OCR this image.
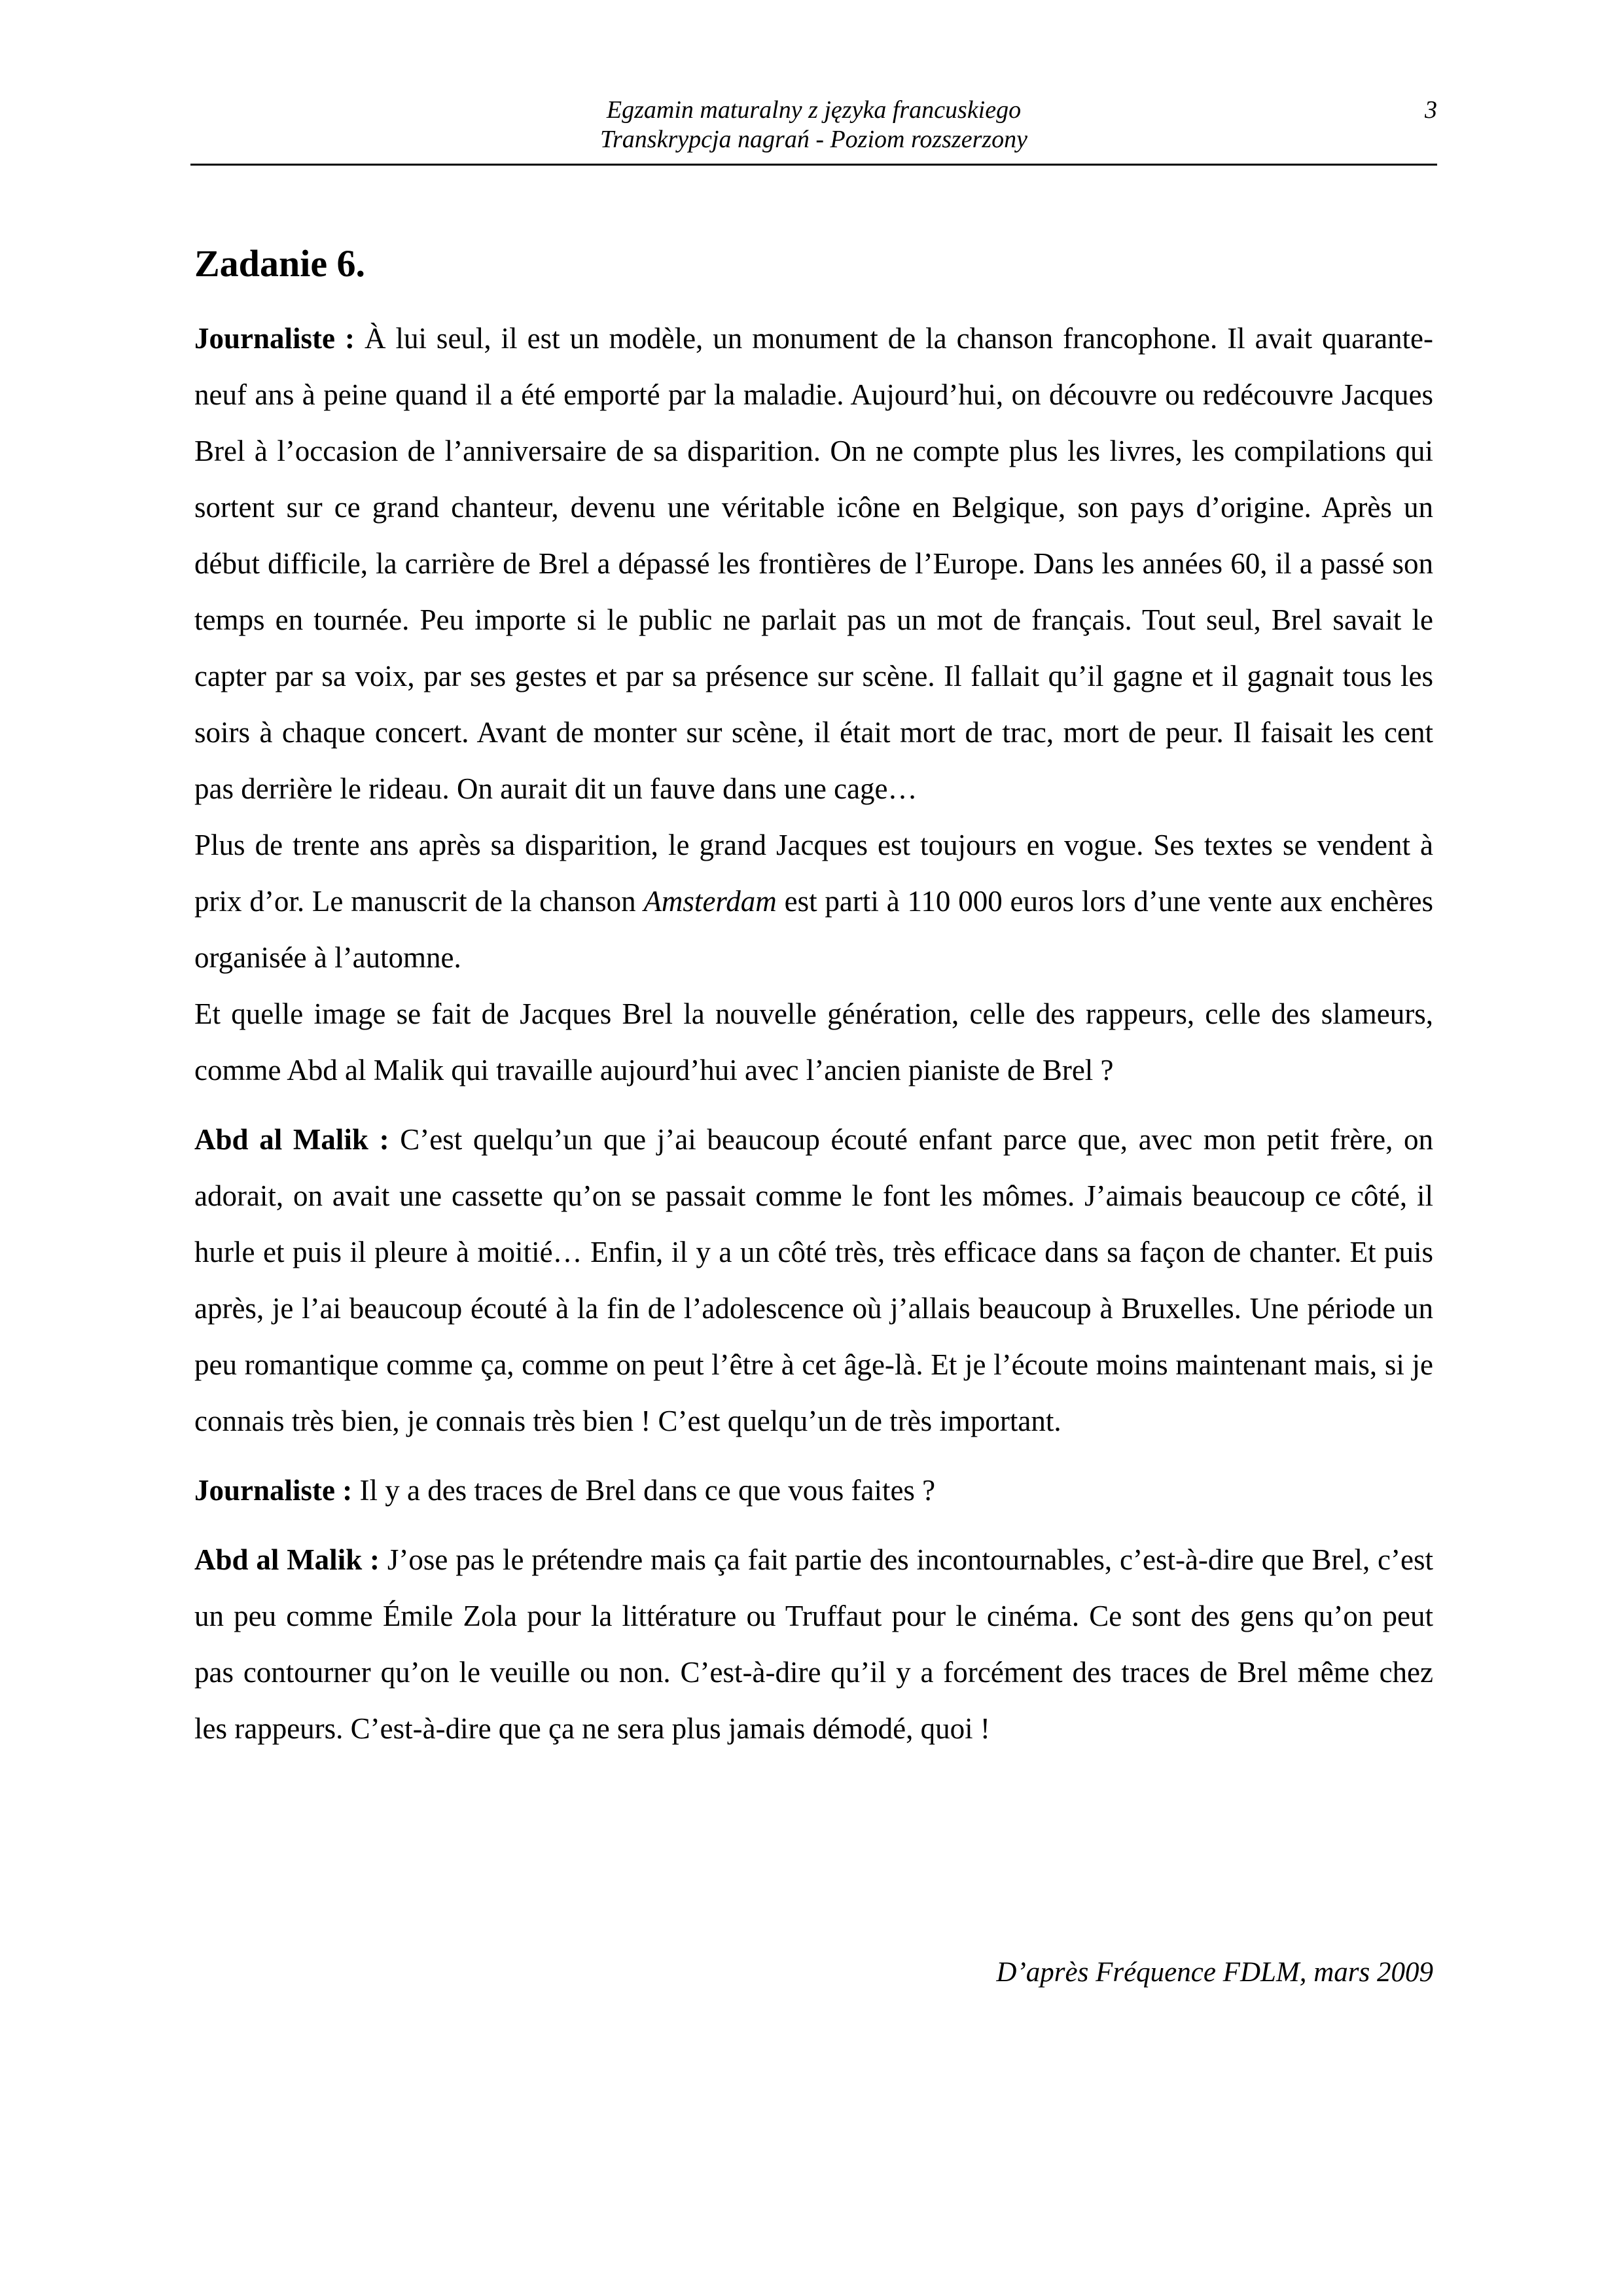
Egzamin maturalny z języka francuskiego
Transkrypcja nagrań - Poziom rozszerzony
3
Zadanie 6.

Journaliste : À lui seul, il est un modèle, un monument de la chanson francophone. Il avait quarante-neuf ans à peine quand il a été emporté par la maladie. Aujourd’hui, on découvre ou redécouvre Jacques Brel à l’occasion de l’anniversaire de sa disparition. On ne compte plus les livres, les compilations qui sortent sur ce grand chanteur, devenu une véritable icône en Belgique, son pays d’origine. Après un début difficile, la carrière de Brel a dépassé les frontières de l’Europe. Dans les années 60, il a passé son temps en tournée. Peu importe si le public ne parlait pas un mot de français. Tout seul, Brel savait le capter par sa voix, par ses gestes et par sa présence sur scène. Il fallait qu’il gagne et il gagnait tous les soirs à chaque concert. Avant de monter sur scène, il était mort de trac, mort de peur. Il faisait les cent pas derrière le rideau. On aurait dit un fauve dans une cage…

Plus de trente ans après sa disparition, le grand Jacques est toujours en vogue. Ses textes se vendent à prix d’or. Le manuscrit de la chanson Amsterdam est parti à 110 000 euros lors d’une vente aux enchères organisée à l’automne.

Et quelle image se fait de Jacques Brel la nouvelle génération, celle des rappeurs, celle des slameurs, comme Abd al Malik qui travaille aujourd’hui avec l’ancien pianiste de Brel ?

Abd al Malik : C’est quelqu’un que j’ai beaucoup écouté enfant parce que, avec mon petit frère, on adorait, on avait une cassette qu’on se passait comme le font les mômes. J’aimais beaucoup ce côté, il hurle et puis il pleure à moitié… Enfin, il y a un côté très, très efficace dans sa façon de chanter. Et puis après, je l’ai beaucoup écouté à la fin de l’adolescence où j’allais beaucoup à Bruxelles. Une période un peu romantique comme ça, comme on peut l’être à cet âge-là. Et je l’écoute moins maintenant mais, si je connais très bien, je connais très bien ! C’est quelqu’un de très important.

Journaliste : Il y a des traces de Brel dans ce que vous faites ?

Abd al Malik : J’ose pas le prétendre mais ça fait partie des incontournables, c’est-à-dire que Brel, c’est un peu comme Émile Zola pour la littérature ou Truffaut pour le cinéma. Ce sont des gens qu’on peut pas contourner qu’on le veuille ou non. C’est-à-dire qu’il y a forcément des traces de Brel même chez les rappeurs. C’est-à-dire que ça ne sera plus jamais démodé, quoi !

D’après Fréquence FDLM, mars 2009
